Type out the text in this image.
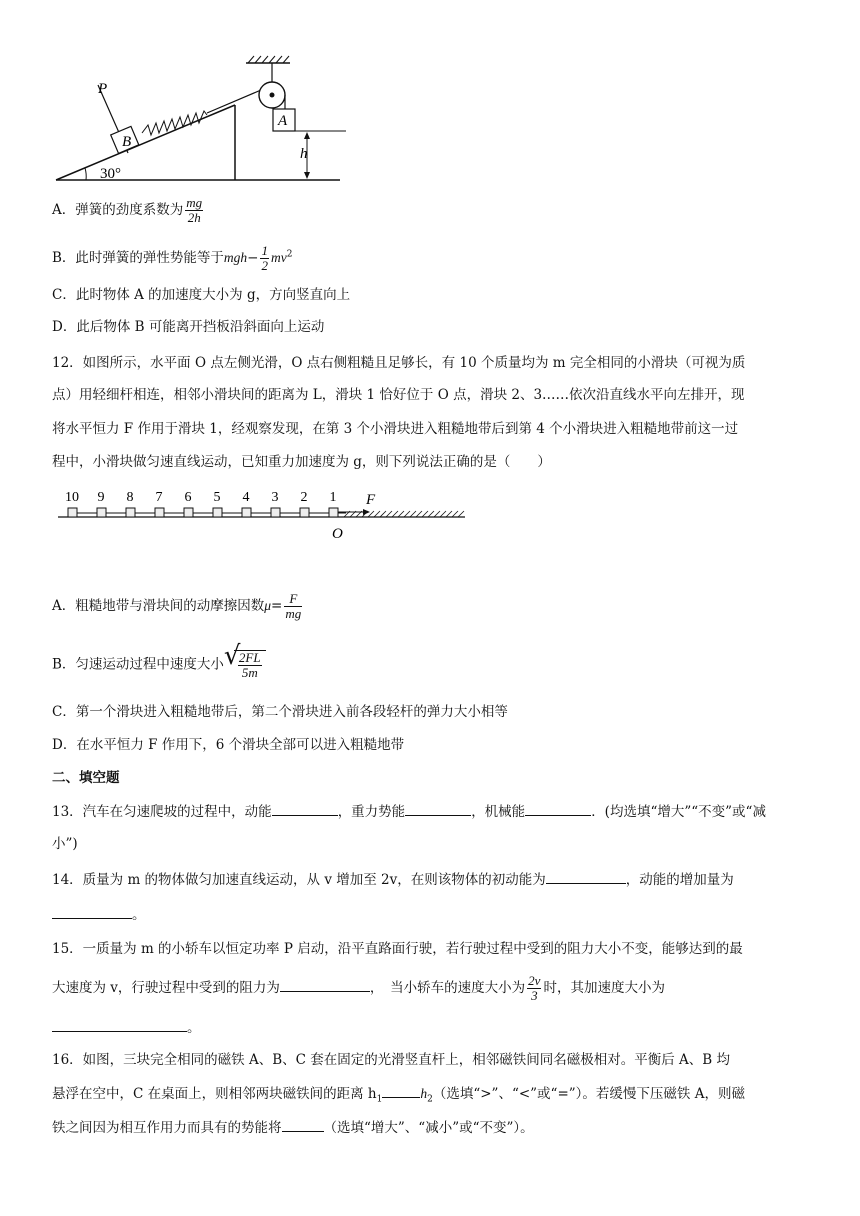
P
B
A
h
30°
A．弹簧的劲度系数为 $\frac{mg}{2h}$
B．此时弹簧的弹性势能等于$mgh- \frac{1}{2} mv^2$
C．此时物体 A 的加速度大小为 g，方向竖直向上
D．此后物体 B 可能离开挡板沿斜面向上运动
12．如图所示，水平面 O 点左侧光滑，O 点右侧粗糙且足够长，有 10 个质量均为 m 完全相同的小滑块（可视为质
点）用轻细杆相连，相邻小滑块间的距离为 L，滑块 1 恰好位于 O 点，滑块 2、3……依次沿直线水平向左排开，现
将水平恒力 F 作用于滑块 1，经观察发现，在第 3 个小滑块进入粗糙地带后到第 4 个小滑块进入粗糙地带前这一过
程中，小滑块做匀速直线运动，已知重力加速度为 g，则下列说法正确的是（　　）
10 9 8 7 6 5 4 3 2 1 F
O
A．粗糙地带与滑块间的动摩擦因数$\mu= \frac{F}{mg}$
B．匀速运动过程中速度大小 √
$\frac{2FL}{5m}$
C．第一个滑块进入粗糙地带后，第二个滑块进入前各段轻杆的弹力大小相等
D．在水平恒力 F 作用下，6 个滑块全部可以进入粗糙地带
二、填空题
13．汽车在匀速爬坡的过程中，动能	，重力势能	，机械能	．(均选填“增大”“不变”或“减
小”)
14．质量为 m 的物体做匀加速直线运动，从 v 增加至 2v，在则该物体的初动能为	，动能的增加量为
。
15．一质量为 m 的小轿车以恒定功率 P 启动，沿平直路面行驶，若行驶过程中受到的阻力大小不变，能够达到的最
大速度为 v，行驶过程中受到的阻力为	，　当小轿车的速度大小为 $\frac{2v}{3}$ 时，其加速度大小为
。
16．如图，三块完全相同的磁铁 A、B、C 套在固定的光滑竖直杆上，相邻磁铁间同名磁极相对。平衡后 A、B 均
悬浮在空中，C 在桌面上，则相邻两块磁铁间的距离 $h_1$	$h_2$（选填“>”、“<”或“=”）。若缓慢下压磁铁 A，则磁
铁之间因为相互作用力而具有的势能将	（选填“增大”、“减小”或“不变”）。
